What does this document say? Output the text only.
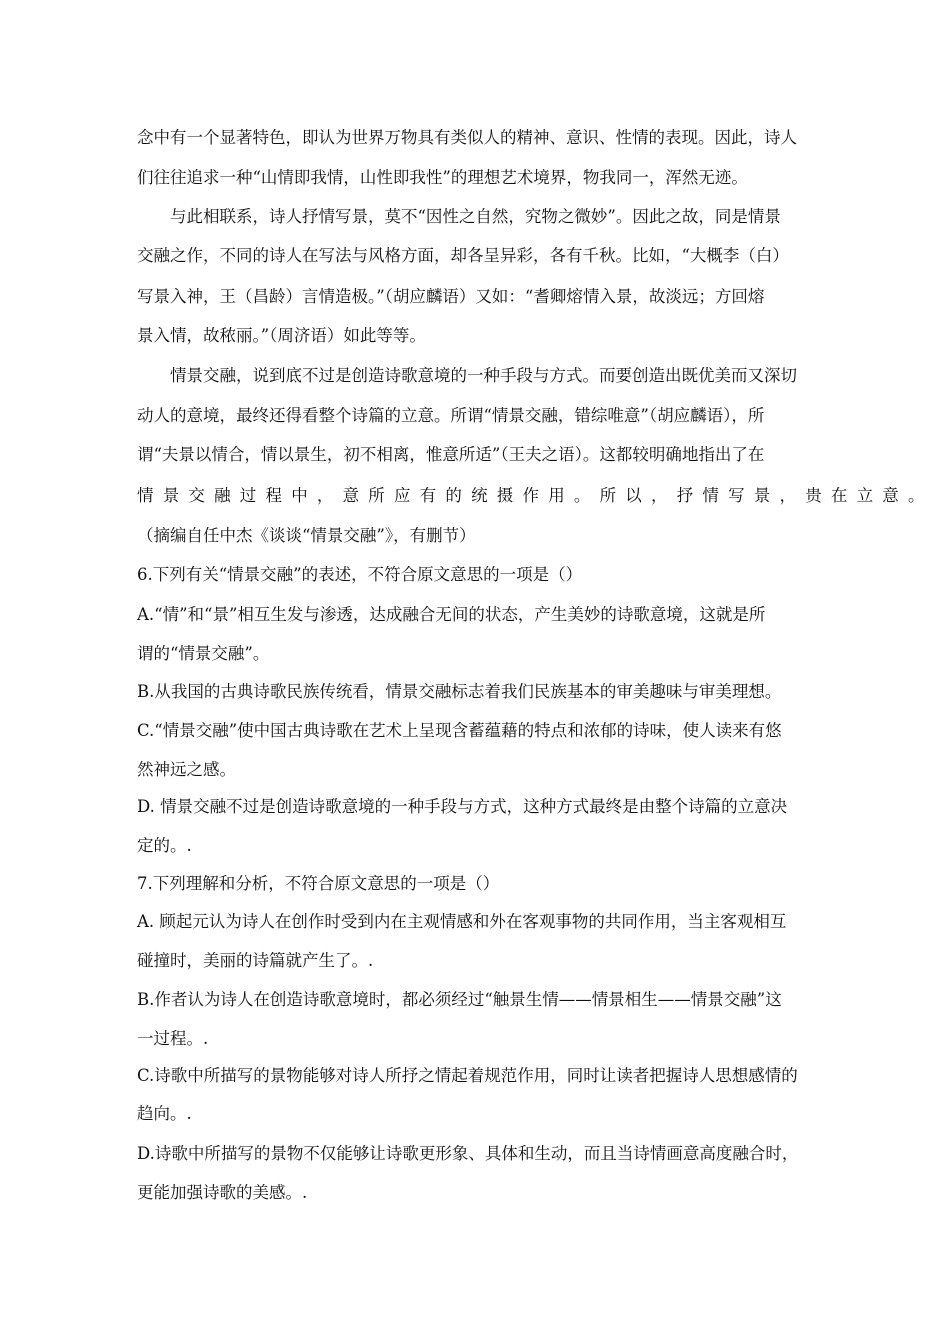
念中有一个显著特色，即认为世界万物具有类似人的精神、意识、性情的表现。因此，诗人
们往往追求一种“山情即我情，山性即我性”的理想艺术境界，物我同一，浑然无迹。
与此相联系，诗人抒情写景，莫不“因性之自然，究物之微妙”。因此之故，同是情景
交融之作，不同的诗人在写法与风格方面，却各呈异彩，各有千秋。比如，“大概李（白）
写景入神，王（昌龄）言情造极。”（胡应麟语）又如：“耆卿熔情入景，故淡远；方回熔
景入情，故秾丽。”（周济语）如此等等。
情景交融，说到底不过是创造诗歌意境的一种手段与方式。而要创造出既优美而又深切
动人的意境，最终还得看整个诗篇的立意。所谓“情景交融，错综唯意”（胡应麟语），所
谓“夫景以情合，情以景生，初不相离，惟意所适”（王夫之语）。这都较明确地指出了在
情景交融过程中，意所应有的统摄作用。所以，抒情写景，贵在立意。
（摘编自任中杰《谈谈“情景交融”》，有删节）
6.下列有关“情景交融”的表述，不符合原文意思的一项是（）
A.“情”和“景”相互生发与渗透，达成融合无间的状态，产生美妙的诗歌意境，这就是所
谓的“情景交融”。
B.从我国的古典诗歌民族传统看，情景交融标志着我们民族基本的审美趣味与审美理想。
C.“情景交融”使中国古典诗歌在艺术上呈现含蓄蕴藉的特点和浓郁的诗味，使人读来有悠
然神远之感。
D. 情景交融不过是创造诗歌意境的一种手段与方式，这种方式最终是由整个诗篇的立意决
定的。.
7.下列理解和分析，不符合原文意思的一项是（）
A. 顾起元认为诗人在创作时受到内在主观情感和外在客观事物的共同作用，当主客观相互
碰撞时，美丽的诗篇就产生了。.
B.作者认为诗人在创造诗歌意境时，都必须经过“触景生情——情景相生——情景交融”这
一过程。.
C.诗歌中所描写的景物能够对诗人所抒之情起着规范作用，同时让读者把握诗人思想感情的
趋向。.
D.诗歌中所描写的景物不仅能够让诗歌更形象、具体和生动，而且当诗情画意高度融合时，
更能加强诗歌的美感。.
